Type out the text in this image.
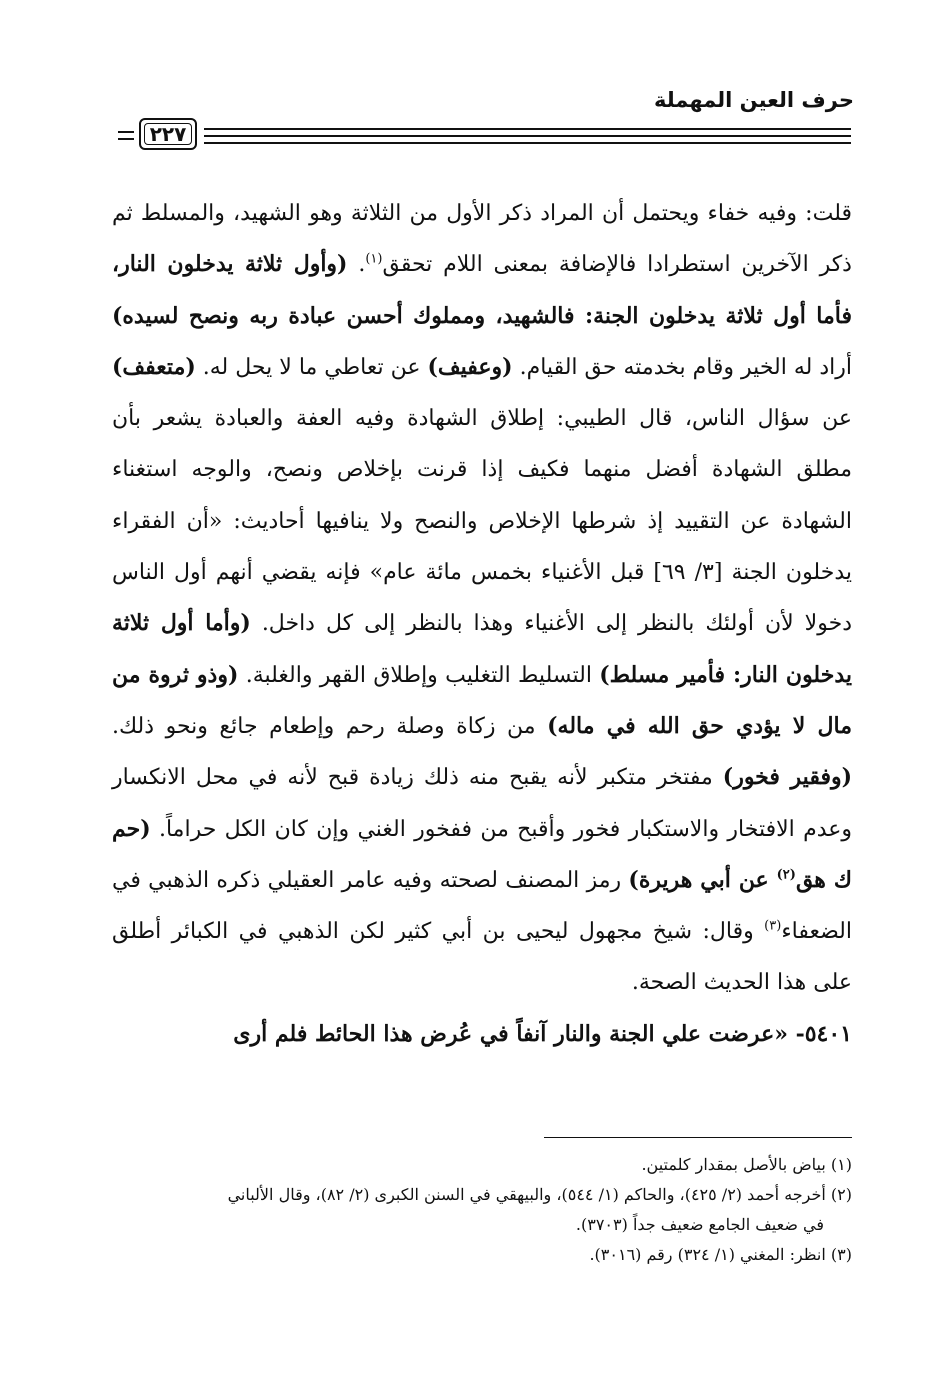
حرف العين المهملة
٢٢٧

قلت: وفيه خفاء ويحتمل أن المراد ذكر الأول من الثلاثة وهو الشهيد، والمسلط ثم ذكر الآخرين استطرادا فالإضافة بمعنى اللام تحقق$^{(١)}$. (وأول ثلاثة يدخلون النار، فأما أول ثلاثة يدخلون الجنة: فالشهيد، ومملوك أحسن عبادة ربه ونصح لسيده) أراد له الخير وقام بخدمته حق القيام. (وعفيف) عن تعاطي ما لا يحل له. (متعفف) عن سؤال الناس، قال الطيبي: إطلاق الشهادة وفيه العفة والعبادة يشعر بأن مطلق الشهادة أفضل منهما فكيف إذا قرنت بإخلاص ونصح، والوجه استغناء الشهادة عن التقييد إذ شرطها الإخلاص والنصح ولا ينافيها أحاديث: «أن الفقراء يدخلون الجنة [٣/ ٦٩] قبل الأغنياء بخمس مائة عام» فإنه يقضي أنهم أول الناس دخولا لأن أولئك بالنظر إلى الأغنياء وهذا بالنظر إلى كل داخل. (وأما أول ثلاثة يدخلون النار: فأمير مسلط) التسليط التغليب وإطلاق القهر والغلبة. (وذو ثروة من مال لا يؤدي حق الله في ماله) من زكاة وصلة رحم وإطعام جائع ونحو ذلك. (وفقير فخور) مفتخر متكبر لأنه يقبح منه ذلك زيادة قبح لأنه في محل الانكسار وعدم الافتخار والاستكبار فخور وأقبح من ففخور الغني وإن كان الكل حراماً. (حم ك هق$^{(٢)}$ عن أبي هريرة) رمز المصنف لصحته وفيه عامر العقيلي ذكره الذهبي في الضعفاء$^{(٣)}$ وقال: شيخ مجهول ليحيى بن أبي كثير لكن الذهبي في الكبائر أطلق على هذا الحديث الصحة.

٥٤٠١- «عرضت علي الجنة والنار آنفاً في عُرض هذا الحائط فلم أرى

(١) بياض بالأصل بمقدار كلمتين.

(٢) أخرجه أحمد (٢/ ٤٢٥)، والحاكم (١/ ٥٤٤)، والبيهقي في السنن الكبرى (٢/ ٨٢)، وقال الألباني

في ضعيف الجامع ضعيف جداً (٣٧٠٣).

(٣) انظر: المغني (١/ ٣٢٤) رقم (٣٠١٦).
